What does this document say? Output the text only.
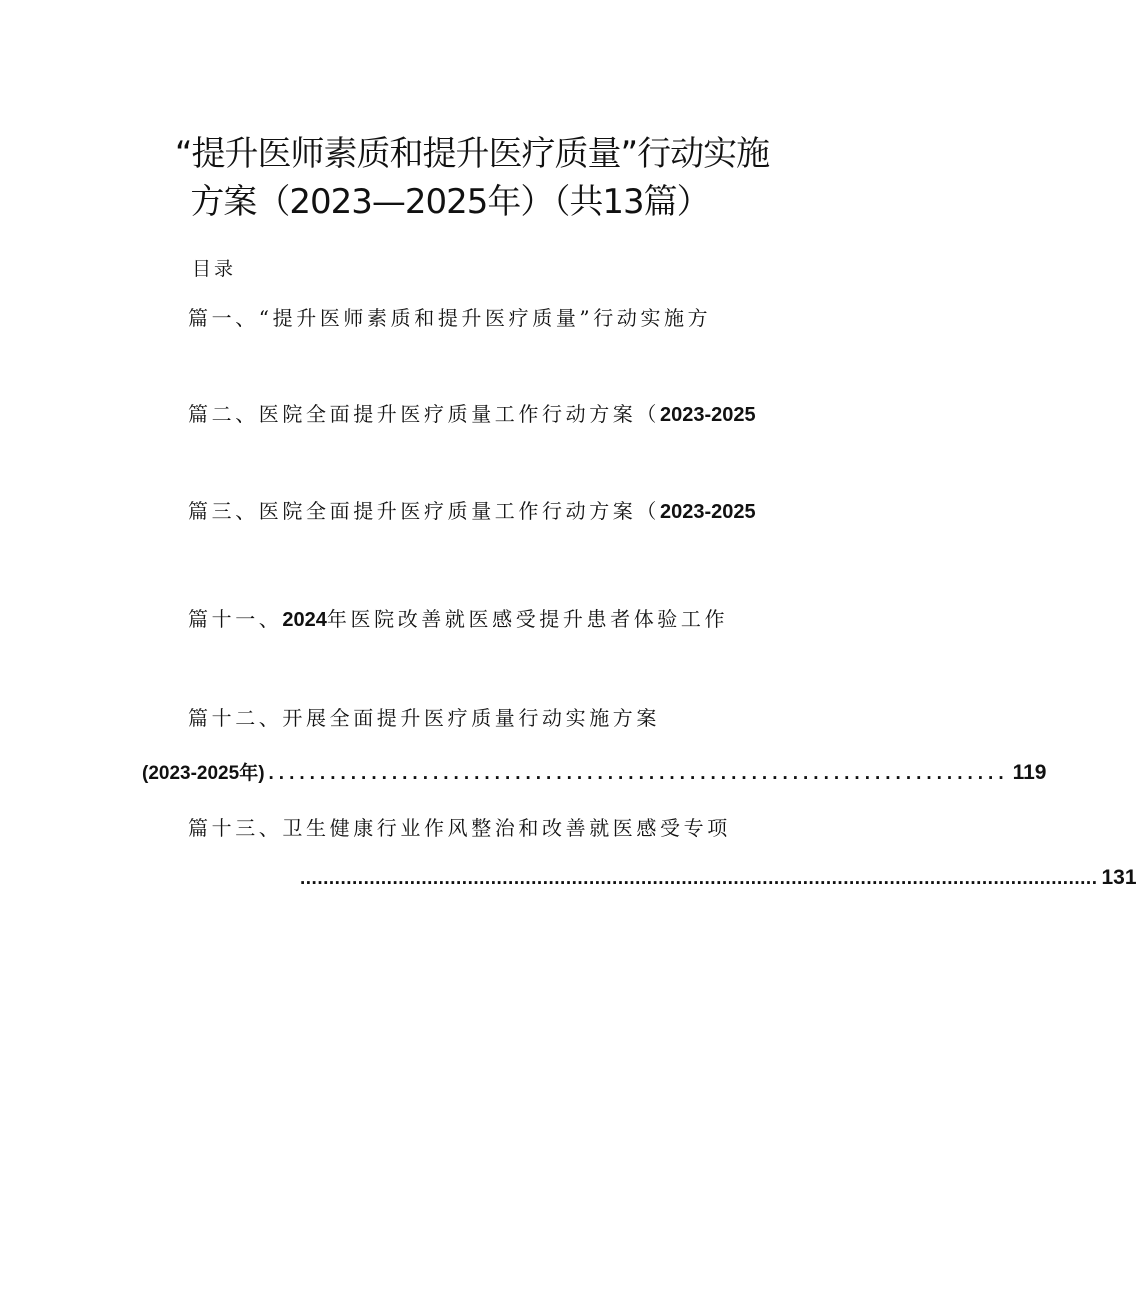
“提升医师素质和提升医疗质量”行动实施
方案（2023—2025年）（共13篇）
目录
篇一、“提升医师素质和提升医疗质量”行动实施方
篇二、医院全面提升医疗质量工作行动方案（2023-2025
篇三、医院全面提升医疗质量工作行动方案（2023-2025
篇十一、2024年医院改善就医感受提升患者体验工作
篇十二、开展全面提升医疗质量行动实施方案
(2023-2025年) ........................................................................ 119
篇十三、卫生健康行业作风整治和改善就医感受专项
.......................................................................................................................................... 131
